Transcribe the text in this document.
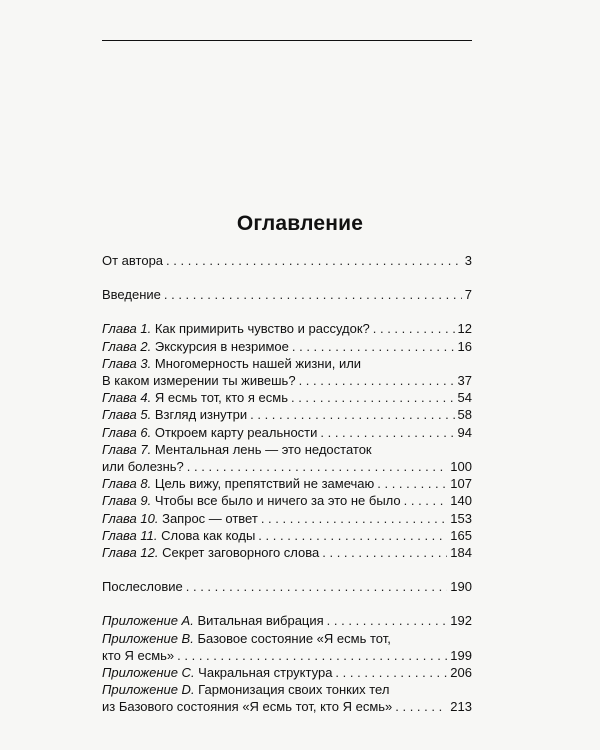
Оглавление
От автора . . .	3
Введение . . .	7
Глава 1. Как примирить чувство и рассудок? . . .	12
Глава 2. Экскурсия в незримое . . .	16
Глава 3. Многомерность нашей жизни, или
В каком измерении ты живешь? . . .	37
Глава 4. Я есмь тот, кто я есмь . . .	54
Глава 5. Взгляд изнутри . . .	58
Глава 6. Откроем карту реальности . . .	94
Глава 7. Ментальная лень — это недостаток
или болезнь? . . .	100
Глава 8. Цель вижу, препятствий не замечаю . . .	107
Глава 9. Чтобы все было и ничего за это не было . . .	140
Глава 10. Запрос — ответ . . .	153
Глава 11. Слова как коды . . .	165
Глава 12. Секрет заговорного слова . . .	184
Послесловие . . .	190
Приложение A. Витальная вибрация . . .	192
Приложение B. Базовое состояние «Я есмь тот,
кто Я есмь» . . .	199
Приложение C. Чакральная структура . . .	206
Приложение D. Гармонизация своих тонких тел
из Базового состояния «Я есмь тот, кто Я есмь» . . .	213
